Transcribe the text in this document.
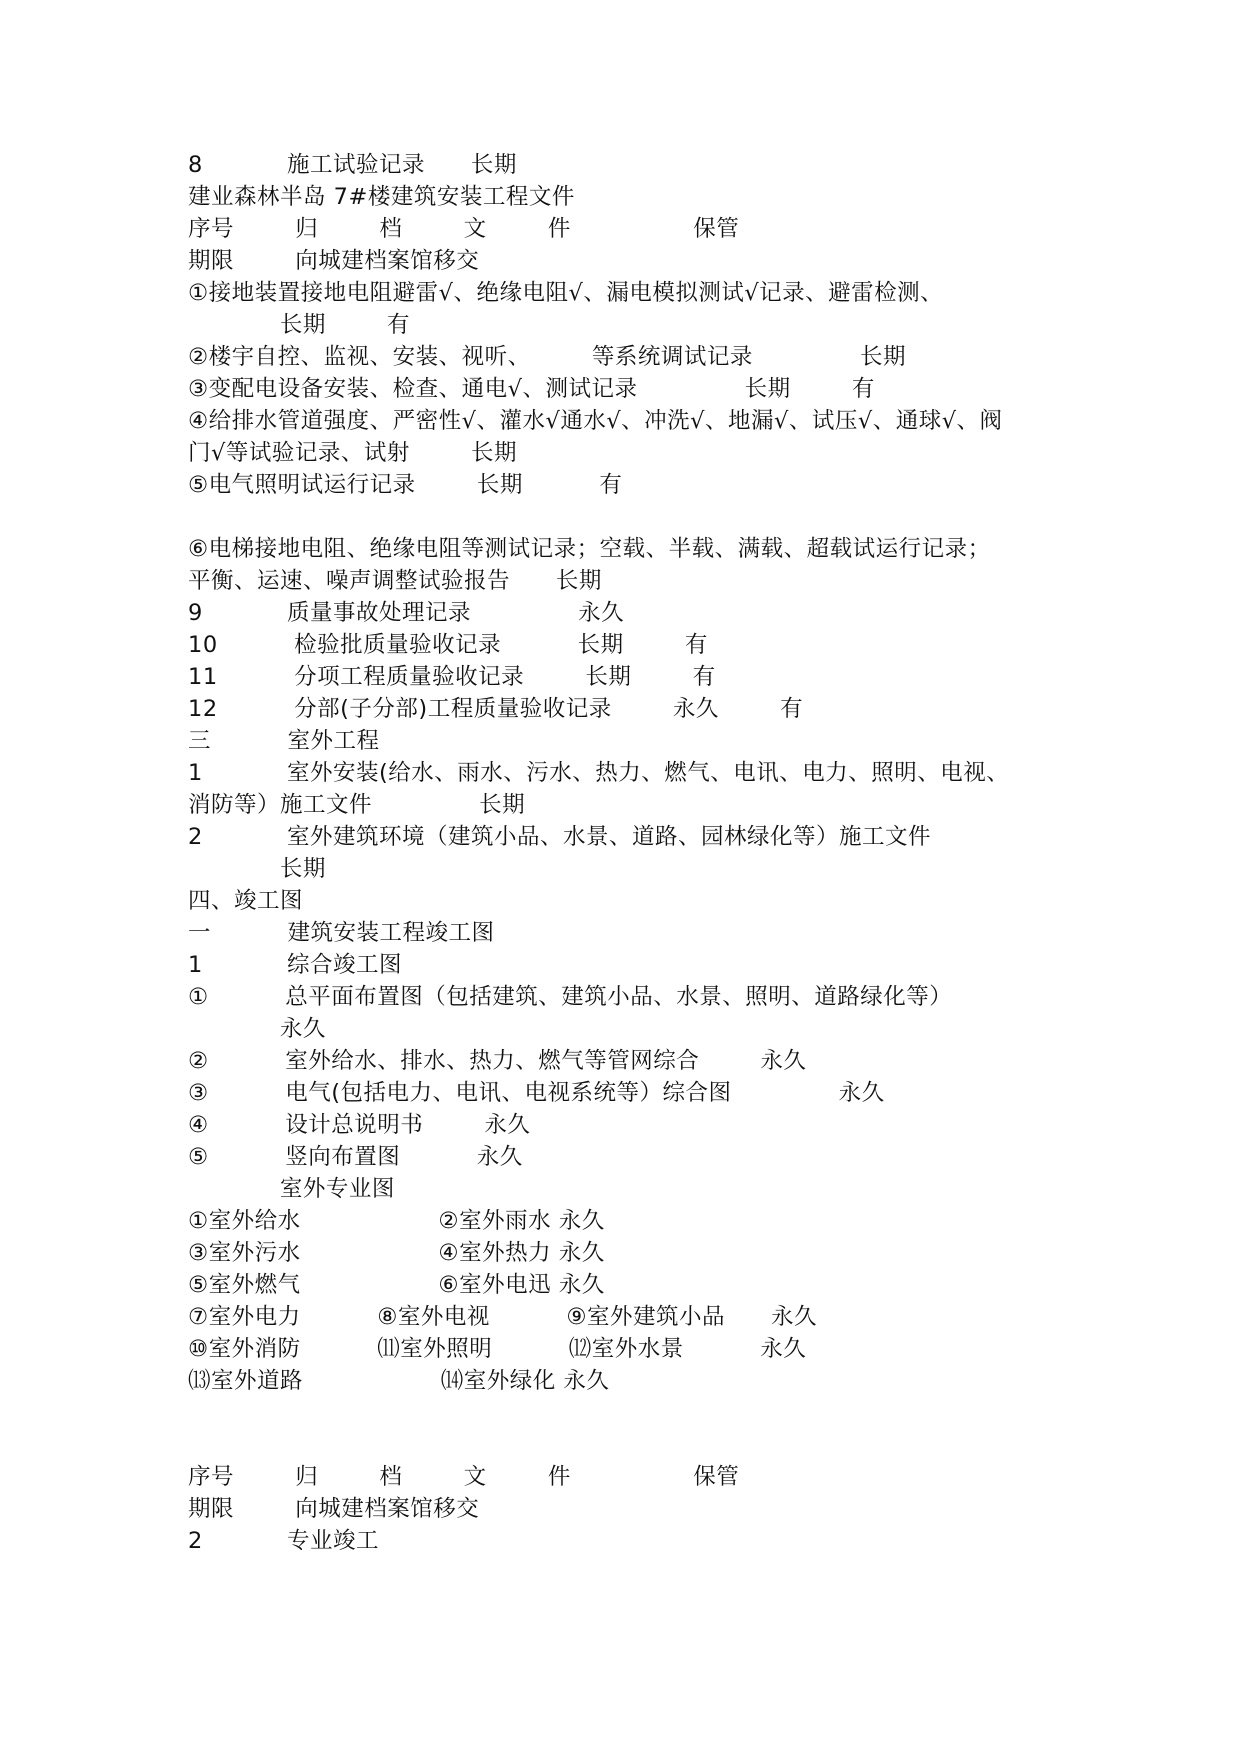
8           施工试验记录      长期
建业森林半岛 7#楼建筑安装工程文件
序号        归        档        文        件                保管
期限        向城建档案馆移交
①接地装置接地电阻避雷√、绝缘电阻√、漏电模拟测试√记录、避雷检测、
长期        有
②楼宇自控、监视、安装、视听、        等系统调试记录              长期
③变配电设备安装、检查、通电√、测试记录              长期        有
④给排水管道强度、严密性√、灌水√通水√、冲洗√、地漏√、试压√、通球√、阀
门√等试验记录、试射        长期
⑤电气照明试运行记录        长期          有
⑥电梯接地电阻、绝缘电阻等测试记录；空载、半载、满载、超载试运行记录；
平衡、运速、噪声调整试验报告      长期
9           质量事故处理记录              永久
10          检验批质量验收记录          长期        有
11          分项工程质量验收记录        长期        有
12          分部(子分部)工程质量验收记录        永久        有
三          室外工程
1           室外安装(给水、雨水、污水、热力、燃气、电讯、电力、照明、电视、
消防等）施工文件              长期
2           室外建筑环境（建筑小品、水景、道路、园林绿化等）施工文件
长期
四、竣工图
一          建筑安装工程竣工图
1           综合竣工图
①          总平面布置图（包括建筑、建筑小品、水景、照明、道路绿化等）
永久
②          室外给水、排水、热力、燃气等管网综合        永久
③          电气(包括电力、电讯、电视系统等）综合图              永久
④          设计总说明书        永久
⑤          竖向布置图          永久
室外专业图
①室外给水                  ②室外雨水 永久
③室外污水                  ④室外热力 永久
⑤室外燃气                  ⑥室外电迅 永久
⑦室外电力          ⑧室外电视          ⑨室外建筑小品      永久
⑩室外消防          ⑾室外照明          ⑿室外水景          永久
⒀室外道路                  ⒁室外绿化 永久
序号        归        档        文        件                保管
期限        向城建档案馆移交
2           专业竣工
